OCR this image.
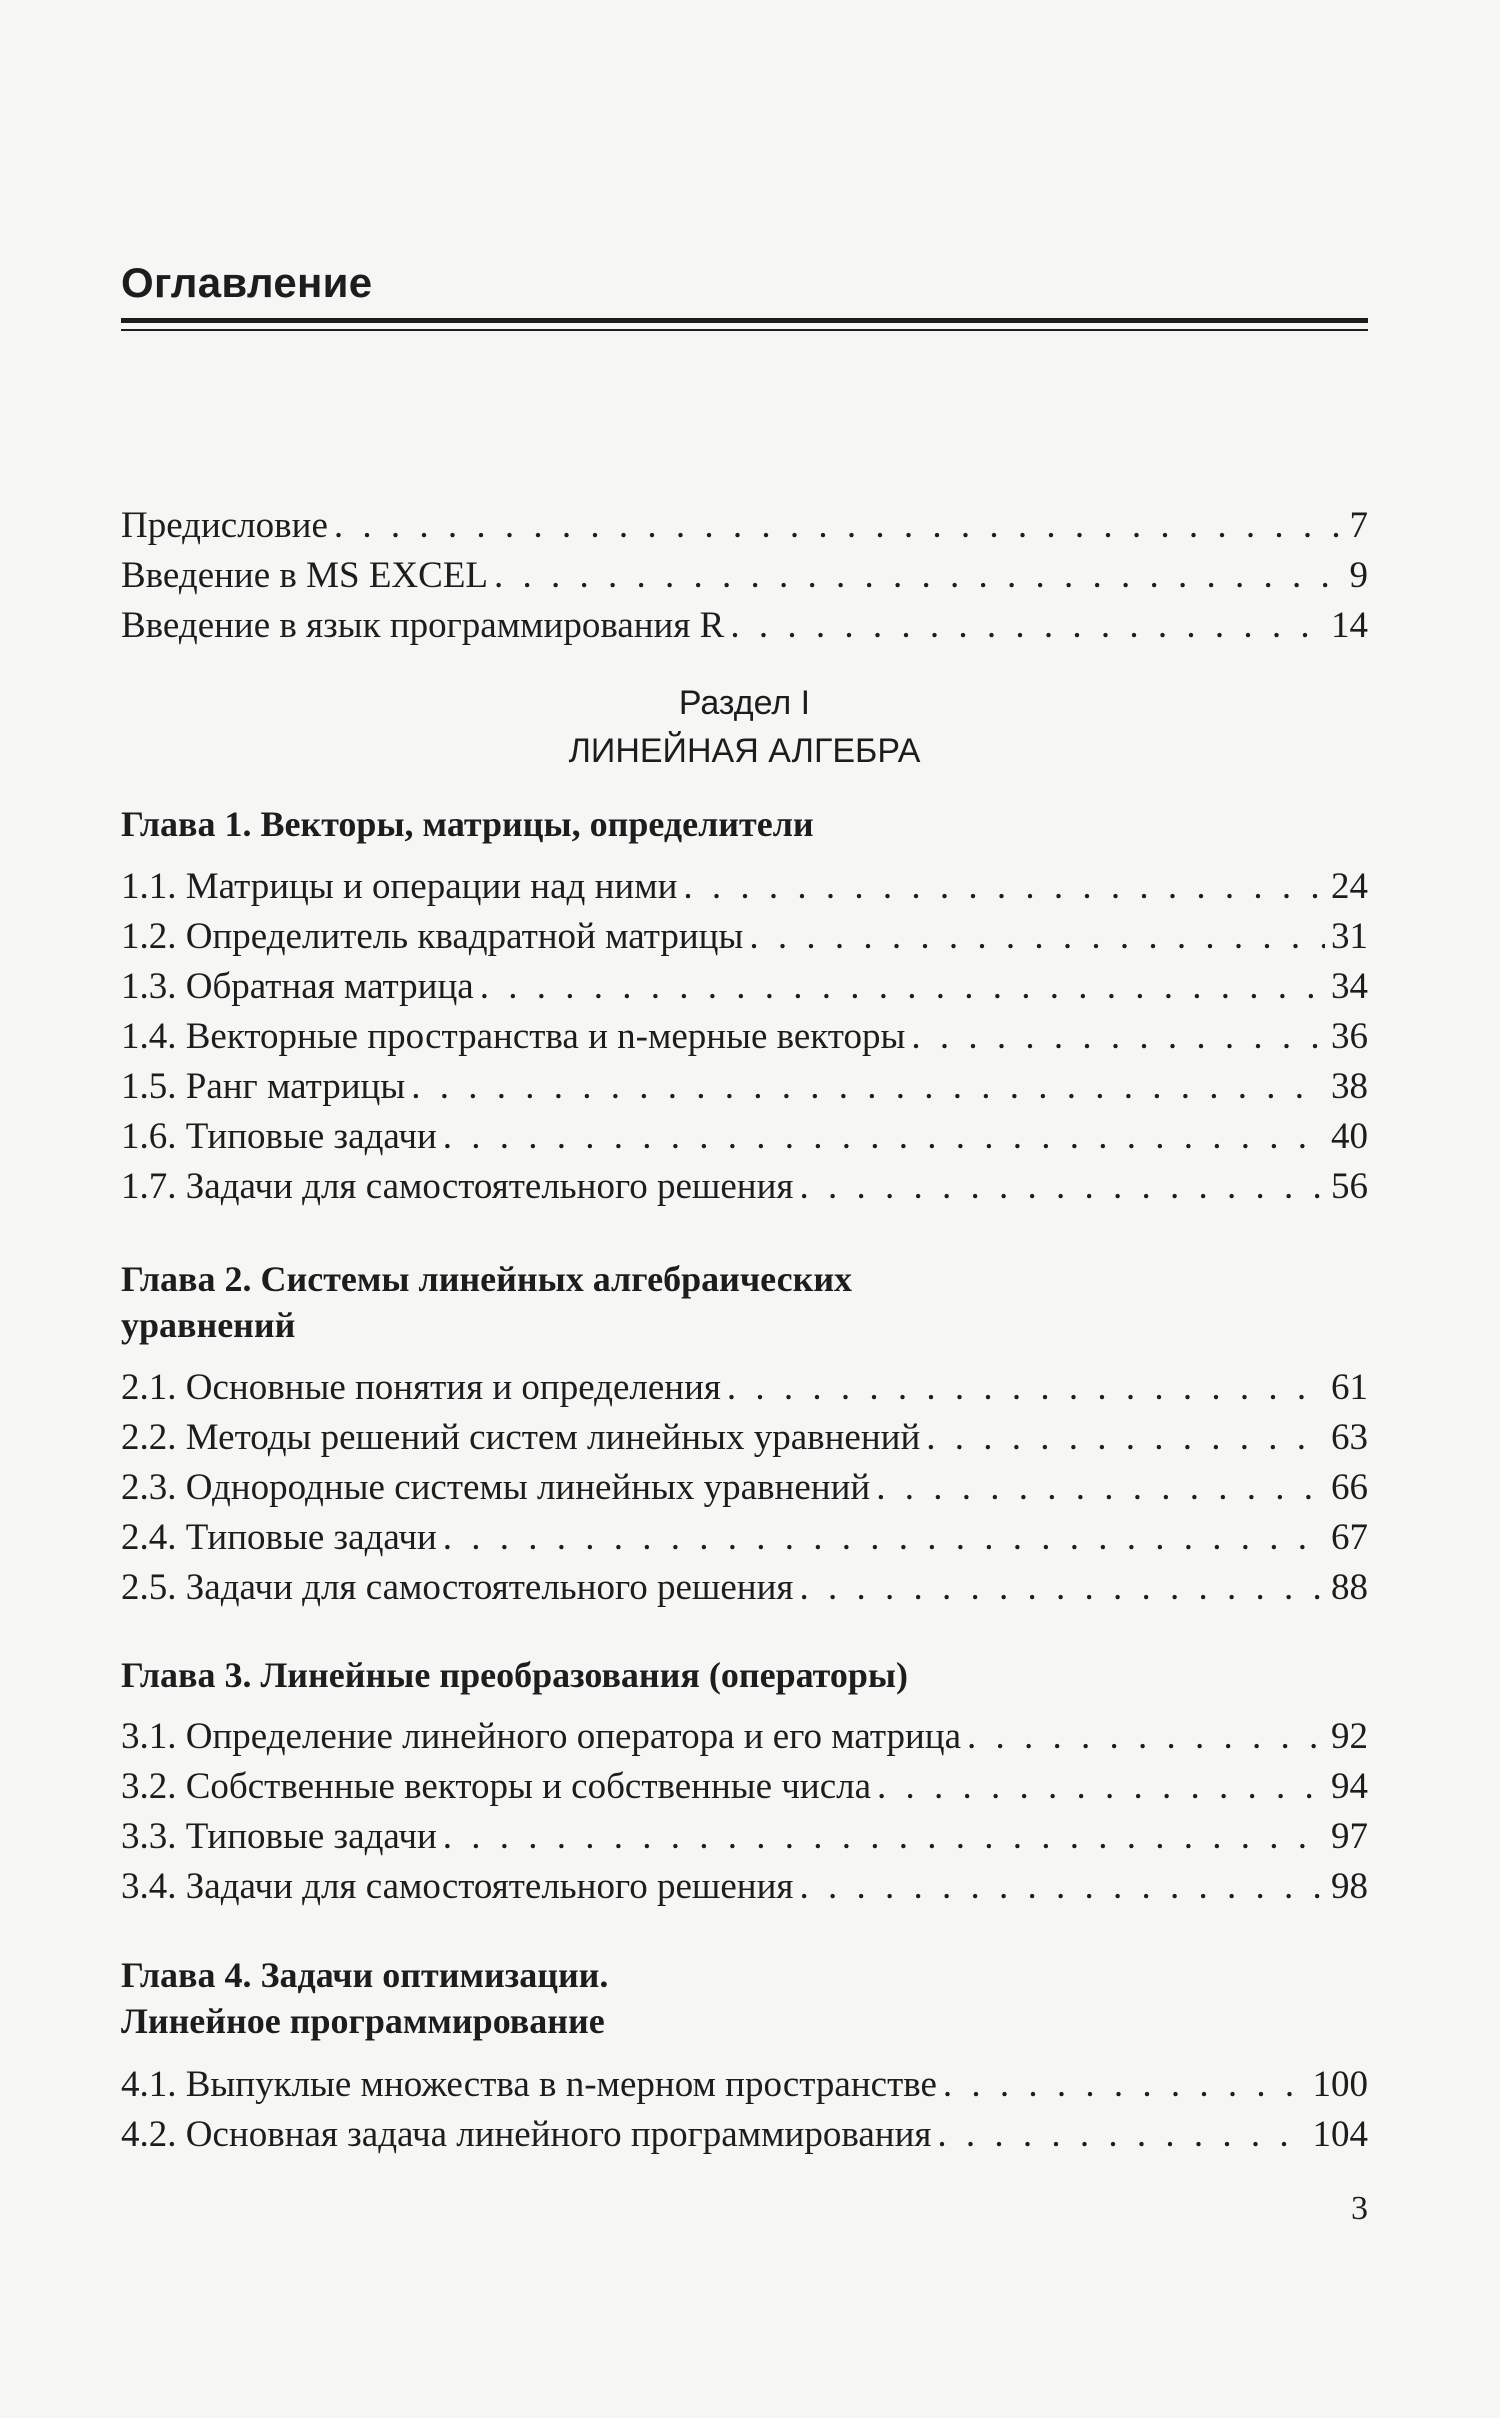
Оглавление
Предисловие . . .	7
Введение в MS EXCEL . . .	9
Введение в язык программирования R . . .	14
Раздел I
ЛИНЕЙНАЯ АЛГЕБРА
Глава 1. Векторы, матрицы, определители
1.1. Матрицы и операции над ними . . .	24
1.2. Определитель квадратной матрицы . . .	31
1.3. Обратная матрица . . .	34
1.4. Векторные пространства и n-мерные векторы . . .	36
1.5. Ранг матрицы . . .	38
1.6. Типовые задачи . . .	40
1.7. Задачи для самостоятельного решения . . .	56
Глава 2. Системы линейных алгебраических
уравнений
2.1. Основные понятия и определения . . .	61
2.2. Методы решений систем линейных уравнений . . .	63
2.3. Однородные системы линейных уравнений . . .	66
2.4. Типовые задачи . . .	67
2.5. Задачи для самостоятельного решения . . .	88
Глава 3. Линейные преобразования (операторы)
3.1. Определение линейного оператора и его матрица . . .	92
3.2. Собственные векторы и собственные числа . . .	94
3.3. Типовые задачи . . .	97
3.4. Задачи для самостоятельного решения . . .	98
Глава 4. Задачи оптимизации.
Линейное программирование
4.1. Выпуклые множества в n-мерном пространстве . . .	100
4.2. Основная задача линейного программирования . . .	104
3
